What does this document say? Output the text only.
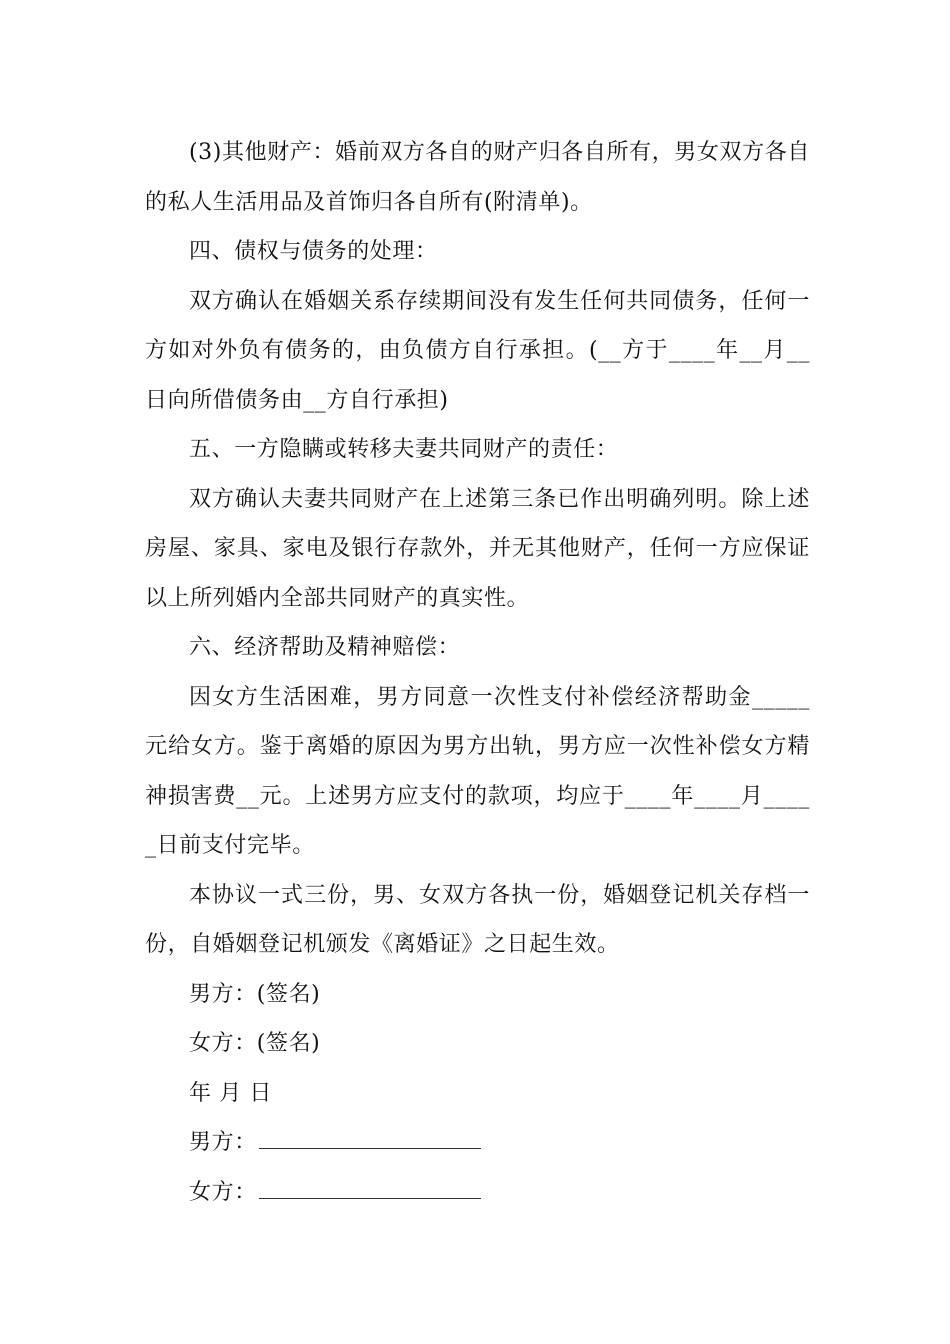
(3)其他财产：婚前双方各自的财产归各自所有，男女双方各自的私人生活用品及首饰归各自所有(附清单)。

四、债权与债务的处理：

双方确认在婚姻关系存续期间没有发生任何共同债务，任何一方如对外负有债务的，由负债方自行承担。(__方于____年__月__日向所借债务由__方自行承担)

五、一方隐瞒或转移夫妻共同财产的责任：

双方确认夫妻共同财产在上述第三条已作出明确列明。除上述房屋、家具、家电及银行存款外，并无其他财产，任何一方应保证以上所列婚内全部共同财产的真实性。

六、经济帮助及精神赔偿：

因女方生活困难，男方同意一次性支付补偿经济帮助金_____元给女方。鉴于离婚的原因为男方出轨，男方应一次性补偿女方精神损害费__元。上述男方应支付的款项，均应于____年____月_____日前支付完毕。

本协议一式三份，男、女双方各执一份，婚姻登记机关存档一份，自婚姻登记机颁发《离婚证》之日起生效。

男方：(签名)

女方：(签名)

年 月 日

男方：

女方：
